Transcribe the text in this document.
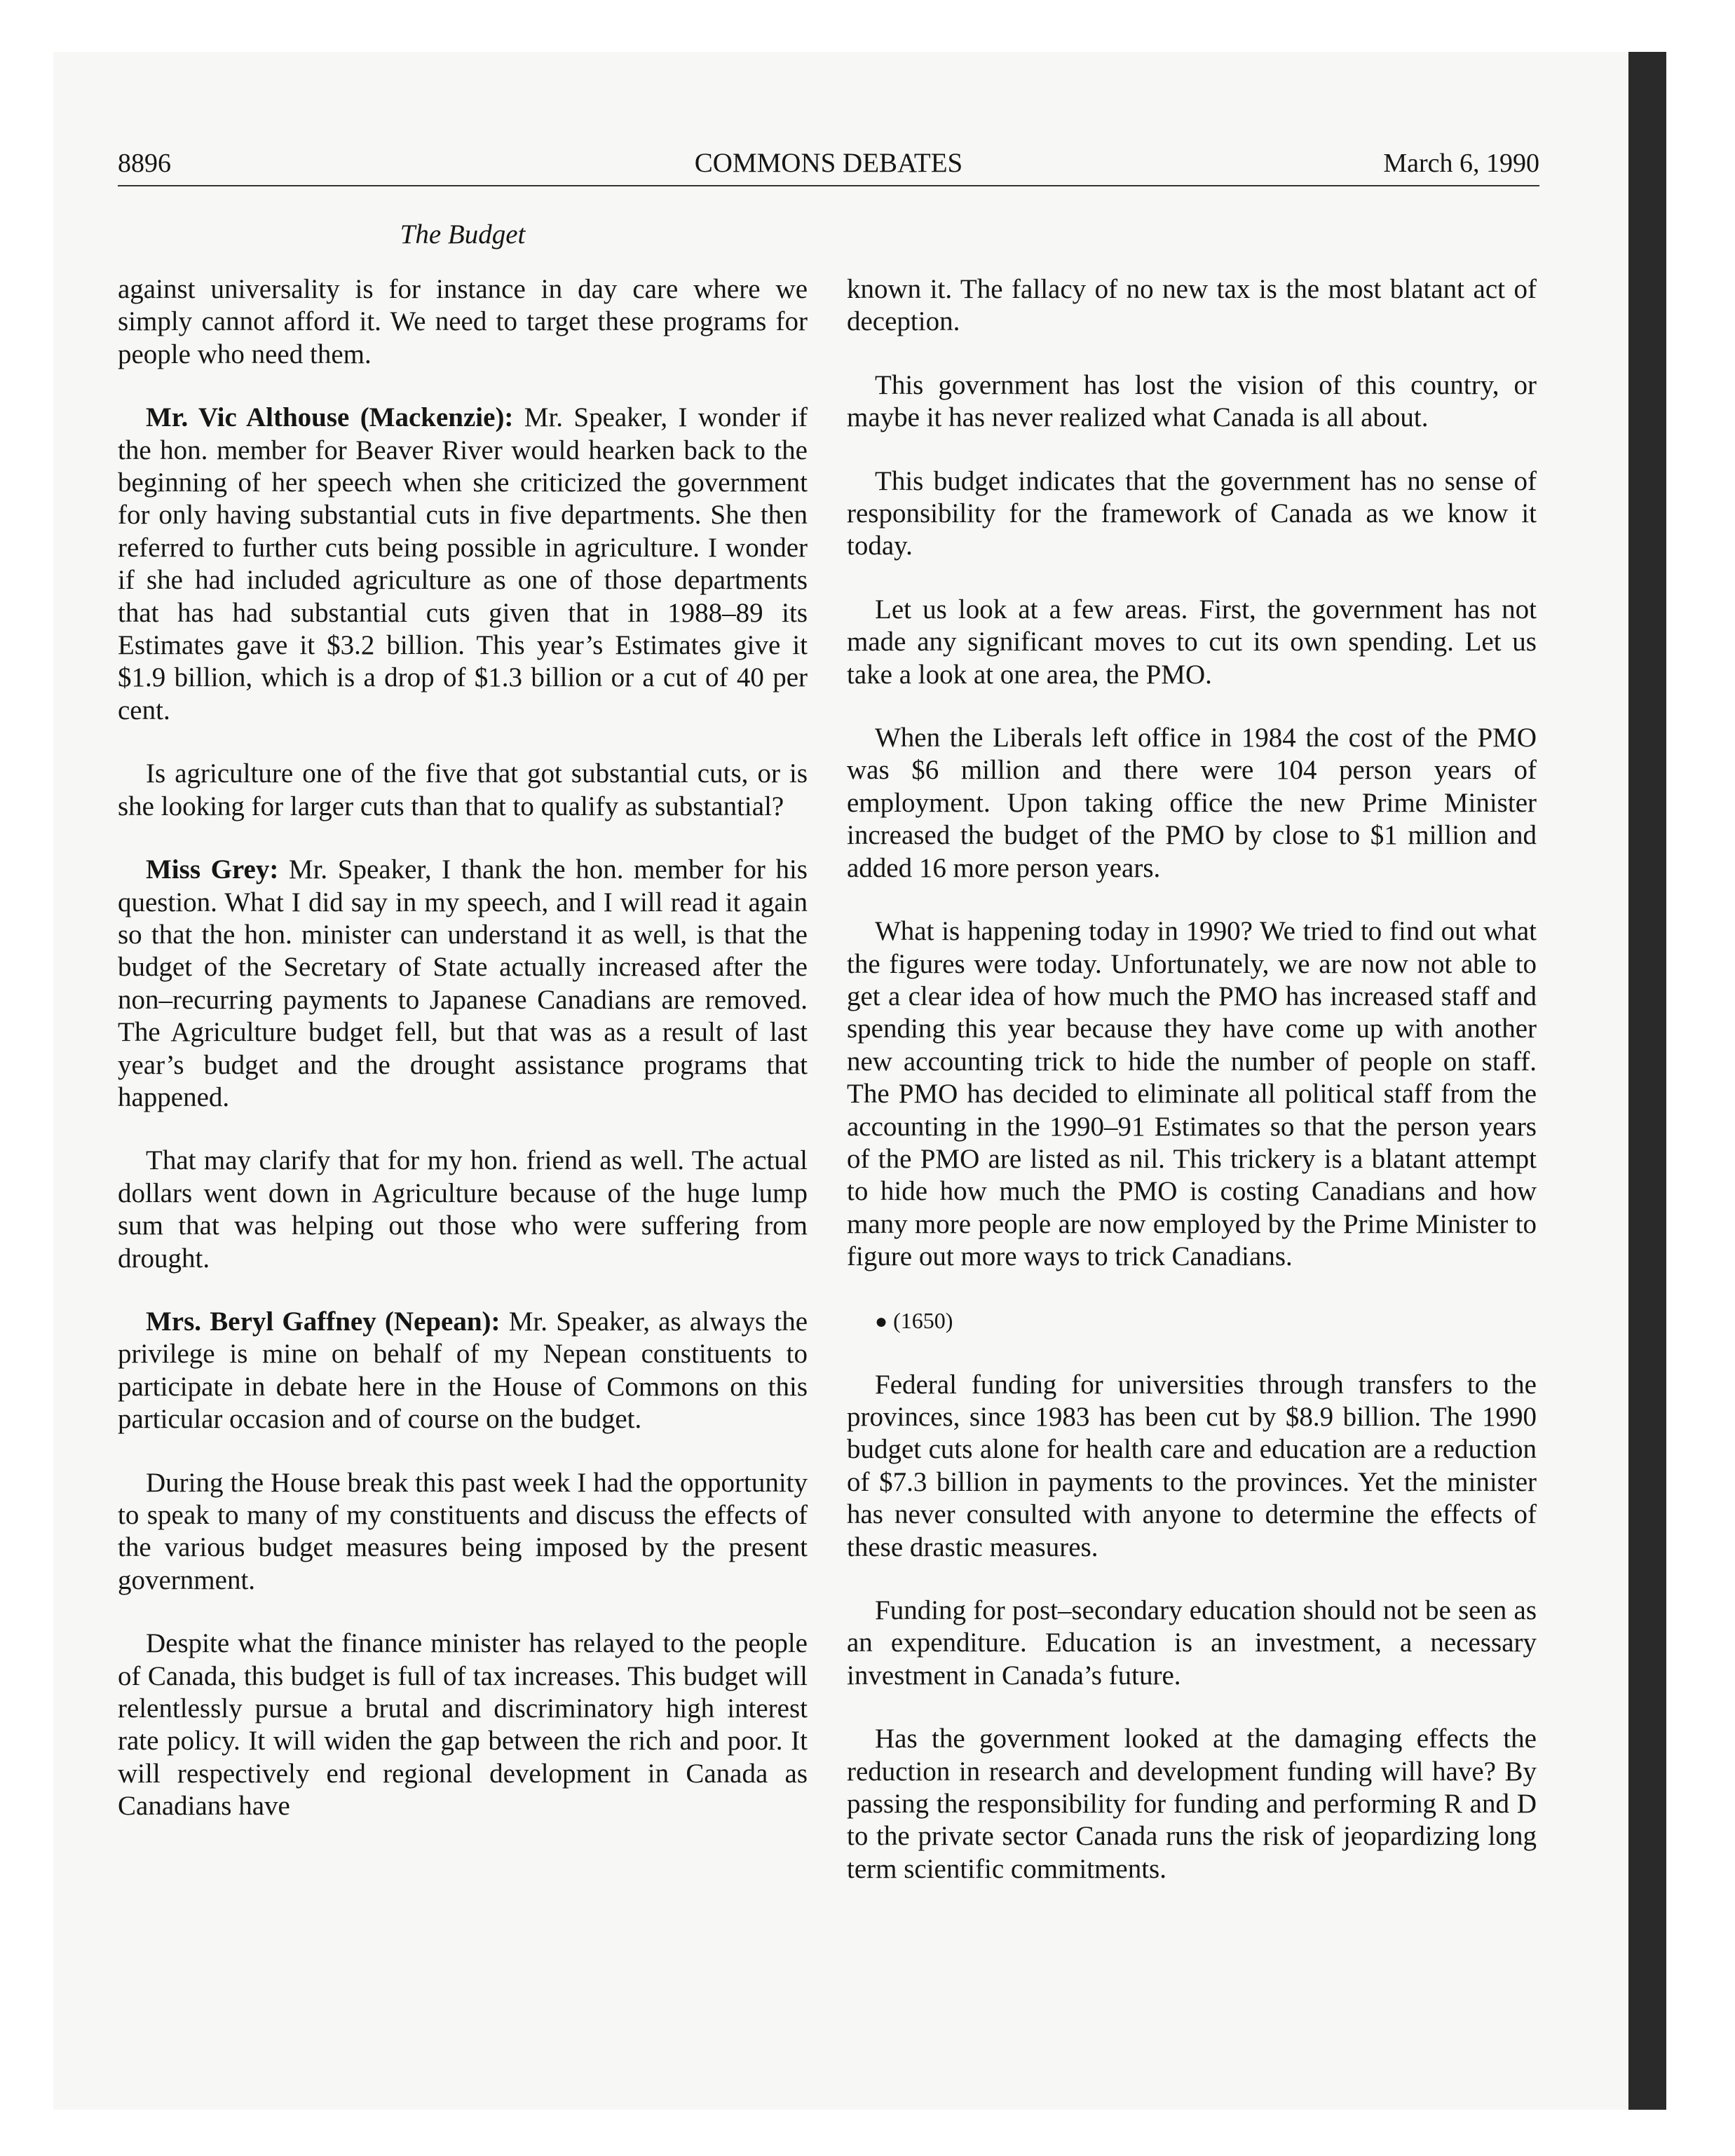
8896	COMMONS DEBATES	March 6, 1990
The Budget

against universality is for instance in day care where we simply cannot afford it. We need to target these programs for people who need them.

Mr. Vic Althouse (Mackenzie): Mr. Speaker, I wonder if the hon. member for Beaver River would hearken back to the beginning of her speech when she criticized the government for only having substantial cuts in five departments. She then referred to further cuts being possible in agriculture. I wonder if she had included agriculture as one of those departments that has had substantial cuts given that in 1988–89 its Estimates gave it $3.2 billion. This year’s Estimates give it $1.9 billion, which is a drop of $1.3 billion or a cut of 40 per cent.

Is agriculture one of the five that got substantial cuts, or is she looking for larger cuts than that to qualify as substantial?

Miss Grey: Mr. Speaker, I thank the hon. member for his question. What I did say in my speech, and I will read it again so that the hon. minister can understand it as well, is that the budget of the Secretary of State actually increased after the non–recurring payments to Japanese Canadians are removed. The Agriculture budget fell, but that was as a result of last year’s budget and the drought assistance programs that happened.

That may clarify that for my hon. friend as well. The actual dollars went down in Agriculture because of the huge lump sum that was helping out those who were suffering from drought.

Mrs. Beryl Gaffney (Nepean): Mr. Speaker, as always the privilege is mine on behalf of my Nepean constituents to participate in debate here in the House of Commons on this particular occasion and of course on the budget.

During the House break this past week I had the opportunity to speak to many of my constituents and discuss the effects of the various budget measures being imposed by the present government.

Despite what the finance minister has relayed to the people of Canada, this budget is full of tax increases. This budget will relentlessly pursue a brutal and discriminatory high interest rate policy. It will widen the gap between the rich and poor. It will respectively end regional development in Canada as Canadians have

known it. The fallacy of no new tax is the most blatant act of deception.

This government has lost the vision of this country, or maybe it has never realized what Canada is all about.

This budget indicates that the government has no sense of responsibility for the framework of Canada as we know it today.

Let us look at a few areas. First, the government has not made any significant moves to cut its own spending. Let us take a look at one area, the PMO.

When the Liberals left office in 1984 the cost of the PMO was $6 million and there were 104 person years of employment. Upon taking office the new Prime Minister increased the budget of the PMO by close to $1 million and added 16 more person years.

What is happening today in 1990? We tried to find out what the figures were today. Unfortunately, we are now not able to get a clear idea of how much the PMO has increased staff and spending this year because they have come up with another new accounting trick to hide the number of people on staff. The PMO has decided to eliminate all political staff from the accounting in the 1990–91 Estimates so that the person years of the PMO are listed as nil. This trickery is a blatant attempt to hide how much the PMO is costing Canadians and how many more people are now employed by the Prime Minister to figure out more ways to trick Canadians.

● (1650)

Federal funding for universities through transfers to the provinces, since 1983 has been cut by $8.9 billion. The 1990 budget cuts alone for health care and education are a reduction of $7.3 billion in payments to the provinces. Yet the minister has never consulted with anyone to determine the effects of these drastic measures.

Funding for post–secondary education should not be seen as an expenditure. Education is an investment, a necessary investment in Canada’s future.

Has the government looked at the damaging effects the reduction in research and development funding will have? By passing the responsibility for funding and performing R and D to the private sector Canada runs the risk of jeopardizing long term scientific commitments.
